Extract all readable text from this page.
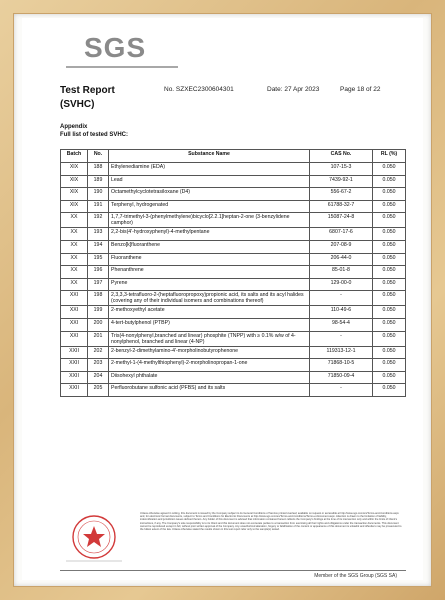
SGS
Test Report
(SVHC)
No. SZXEC2300604301	Date: 27 Apr 2023	Page 18 of 22
Appendix
Full list of tested SVHC:
Batch	No.	Substance Name	CAS No.	RL (%)
XIX	188	Ethylenediamine (EDA)	107-15-3	0.050
XIX	189	Lead	7439-92-1	0.050
XIX	190	Octamethylcyclotetrasiloxane (D4)	556-67-2	0.050
XIX	191	Terphenyl, hydrogenated	61788-32-7	0.050
XX	192	1,7,7-trimethyl-3-(phenylmethylene)bicyclo[2.2.1]heptan-2-one (3-benzylidene camphor)	15087-24-8	0.050
XX	193	2,2-bis(4'-hydroxyphenyl)-4-methylpentane	6807-17-6	0.050
XX	194	Benzo[k]fluoranthene	207-08-9	0.050
XX	195	Fluoranthene	206-44-0	0.050
XX	196	Phenanthrene	85-01-8	0.050
XX	197	Pyrene	129-00-0	0.050
XXI	198	2,3,3,3-tetrafluoro-2-(heptafluoropropoxy)propionic acid, its salts and its acyl halides (covering any of their individual isomers and combinations thereof)	-	0.050
XXI	199	2-methoxyethyl acetate	110-49-6	0.050
XXI	200	4-tert-butylphenol (PTBP)	98-54-4	0.050
XXI	201	Tris(4-nonylphenyl,branched and linear) phosphite (TNPP) with ≥ 0.1% w/w of 4-nonylphenol, branched and linear (4-NP)	-	0.050
XXII	202	2-benzyl-2-dimethylamino-4'-morpholinobutyrophenone	119313-12-1	0.050
XXII	203	2-methyl-1-(4-methylthiophenyl)-2-morpholinopropan-1-one	71868-10-5	0.050
XXII	204	Diisohexyl phthalate	71850-09-4	0.050
XXII	205	Perfluorobutane sulfonic acid (PFBS) and its salts	-	0.050
Unless otherwise agreed in writing, this document is issued by the Company subject to its General Conditions of Service printed overleaf, available on request or accessible at http://www.sgs.com/en/Terms-and-Conditions.aspx and, for electronic format documents, subject to Terms and Conditions for Electronic Documents at http://www.sgs.com/en/Terms-and-Conditions/Terms-e-Document.aspx. Attention is drawn to the limitation of liability, indemnification and jurisdiction issues defined therein. Any holder of this document is advised that information contained hereon reflects the Company's findings at the time of its intervention only and within the limits of Client's instructions, if any. The Company's sole responsibility is to its Client and this document does not exonerate parties to a transaction from exercising all their rights and obligations under the transaction documents. This document cannot be reproduced except in full, without prior written approval of the Company. Any unauthorized alteration, forgery or falsification of the content or appearance of this document is unlawful and offenders may be prosecuted to the fullest extent of the law. Unless otherwise stated the results shown in this test report refer only to the sample(s) tested.
Member of the SGS Group (SGS SA)
